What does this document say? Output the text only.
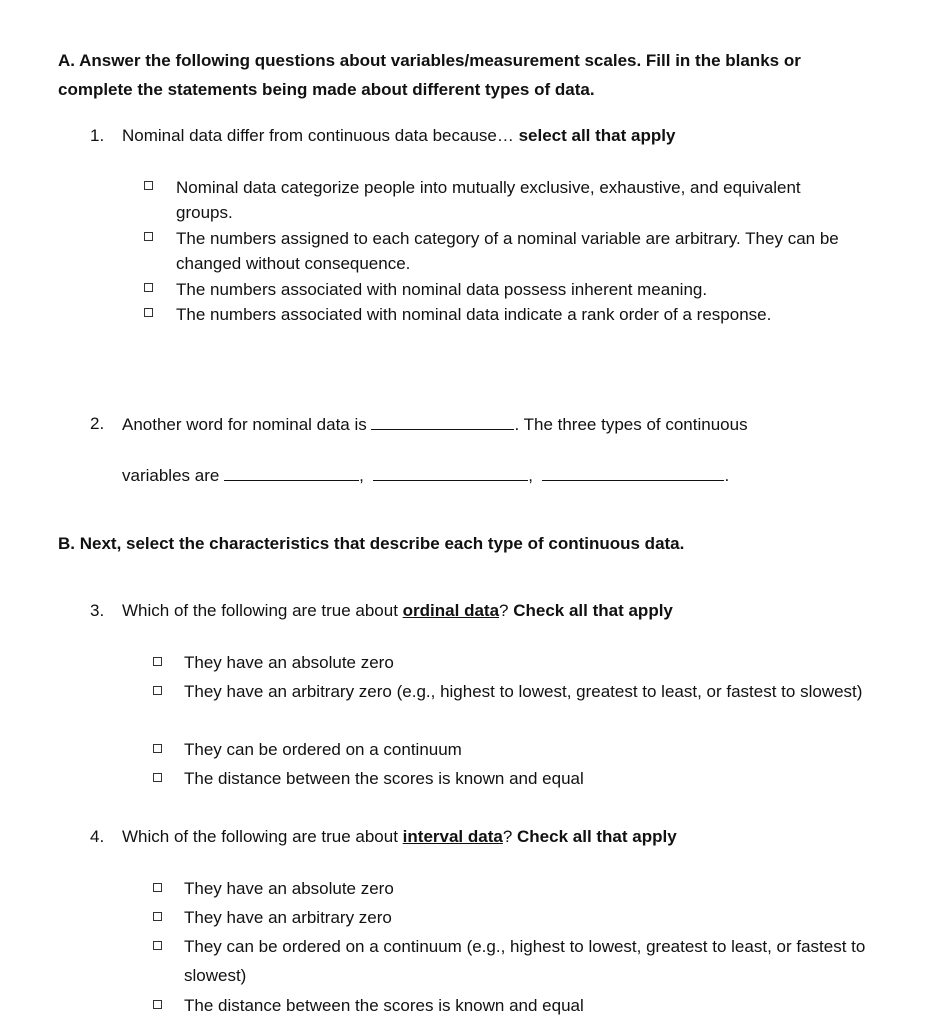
A. Answer the following questions about variables/measurement scales. Fill in the blanks or
complete the statements being made about different types of data.
1. Nominal data differ from continuous data because… select all that apply
Nominal data categorize people into mutually exclusive, exhaustive, and equivalent groups.
The numbers assigned to each category of a nominal variable are arbitrary. They can be changed without consequence.
The numbers associated with nominal data possess inherent meaning.
The numbers associated with nominal data indicate a rank order of a response.
2. Another word for nominal data is	. The three types of continuous
variables are	,	,	.
B. Next, select the characteristics that describe each type of continuous data.
3. Which of the following are true about ordinal data? Check all that apply
They have an absolute zero
They have an arbitrary zero (e.g., highest to lowest, greatest to least, or fastest to slowest)
They can be ordered on a continuum
The distance between the scores is known and equal
4. Which of the following are true about interval data? Check all that apply
They have an absolute zero
They have an arbitrary zero
They can be ordered on a continuum (e.g., highest to lowest, greatest to least, or fastest to slowest)
The distance between the scores is known and equal
